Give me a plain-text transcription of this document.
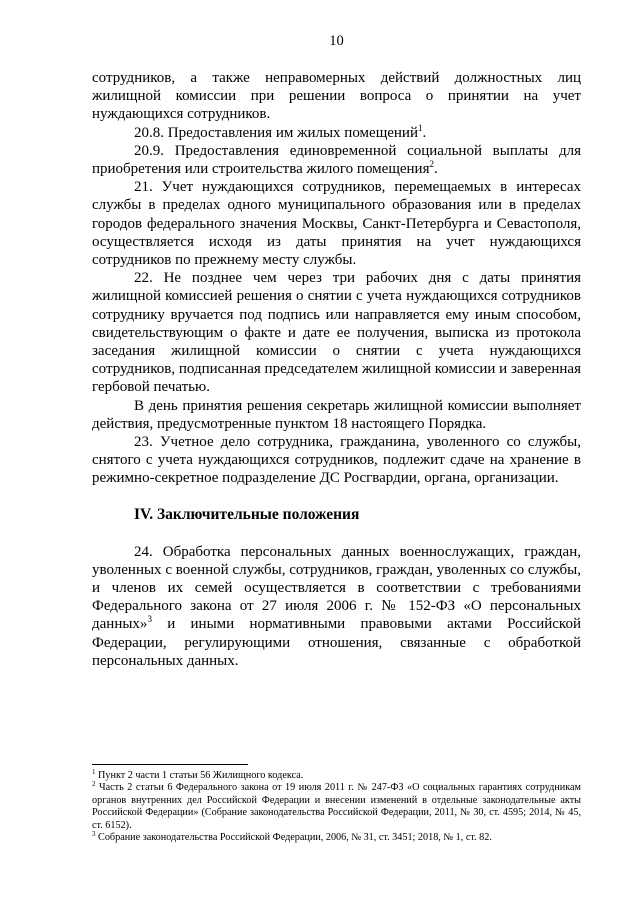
10

сотрудников, а также неправомерных действий должностных лиц жилищной комиссии при решении вопроса о принятии на учет нуждающихся сотрудников.

20.8. Предоставления им жилых помещений$^1$.

20.9. Предоставления единовременной социальной выплаты для приобретения или строительства жилого помещения$^2$.

21. Учет нуждающихся сотрудников, перемещаемых в интересах службы в пределах одного муниципального образования или в пределах городов федерального значения Москвы, Санкт-Петербурга и Севастополя, осуществляется исходя из даты принятия на учет нуждающихся сотрудников по прежнему месту службы.

22. Не позднее чем через три рабочих дня с даты принятия жилищной комиссией решения о снятии с учета нуждающихся сотрудников сотруднику вручается под подпись или направляется ему иным способом, свидетельствующим о факте и дате ее получения, выписка из протокола заседания жилищной комиссии о снятии с учета нуждающихся сотрудников, подписанная председателем жилищной комиссии и заверенная гербовой печатью.

В день принятия решения секретарь жилищной комиссии выполняет действия, предусмотренные пунктом 18 настоящего Порядка.

23. Учетное дело сотрудника, гражданина, уволенного со службы, снятого с учета нуждающихся сотрудников, подлежит сдаче на хранение в режимно-секретное подразделение ДС Росгвардии, органа, организации.

IV. Заключительные положения

24. Обработка персональных данных военнослужащих, граждан, уволенных с военной службы, сотрудников, граждан, уволенных со службы, и членов их семей осуществляется в соответствии с требованиями Федерального закона от 27 июля 2006 г. № 152-ФЗ «О персональных данных»$^3$ и иными нормативными правовыми актами Российской Федерации, регулирующими отношения, связанные с обработкой персональных данных.

$^1$ Пункт 2 части 1 статьи 56 Жилищного кодекса.

$^2$ Часть 2 статьи 6 Федерального закона от 19 июля 2011 г. № 247-ФЗ «О социальных гарантиях сотрудникам органов внутренних дел Российской Федерации и внесении изменений в отдельные законодательные акты Российской Федерации» (Собрание законодательства Российской Федерации, 2011, № 30, ст. 4595; 2014, № 45, ст. 6152).

$^3$ Собрание законодательства Российской Федерации, 2006, № 31, ст. 3451; 2018, № 1, ст. 82.
